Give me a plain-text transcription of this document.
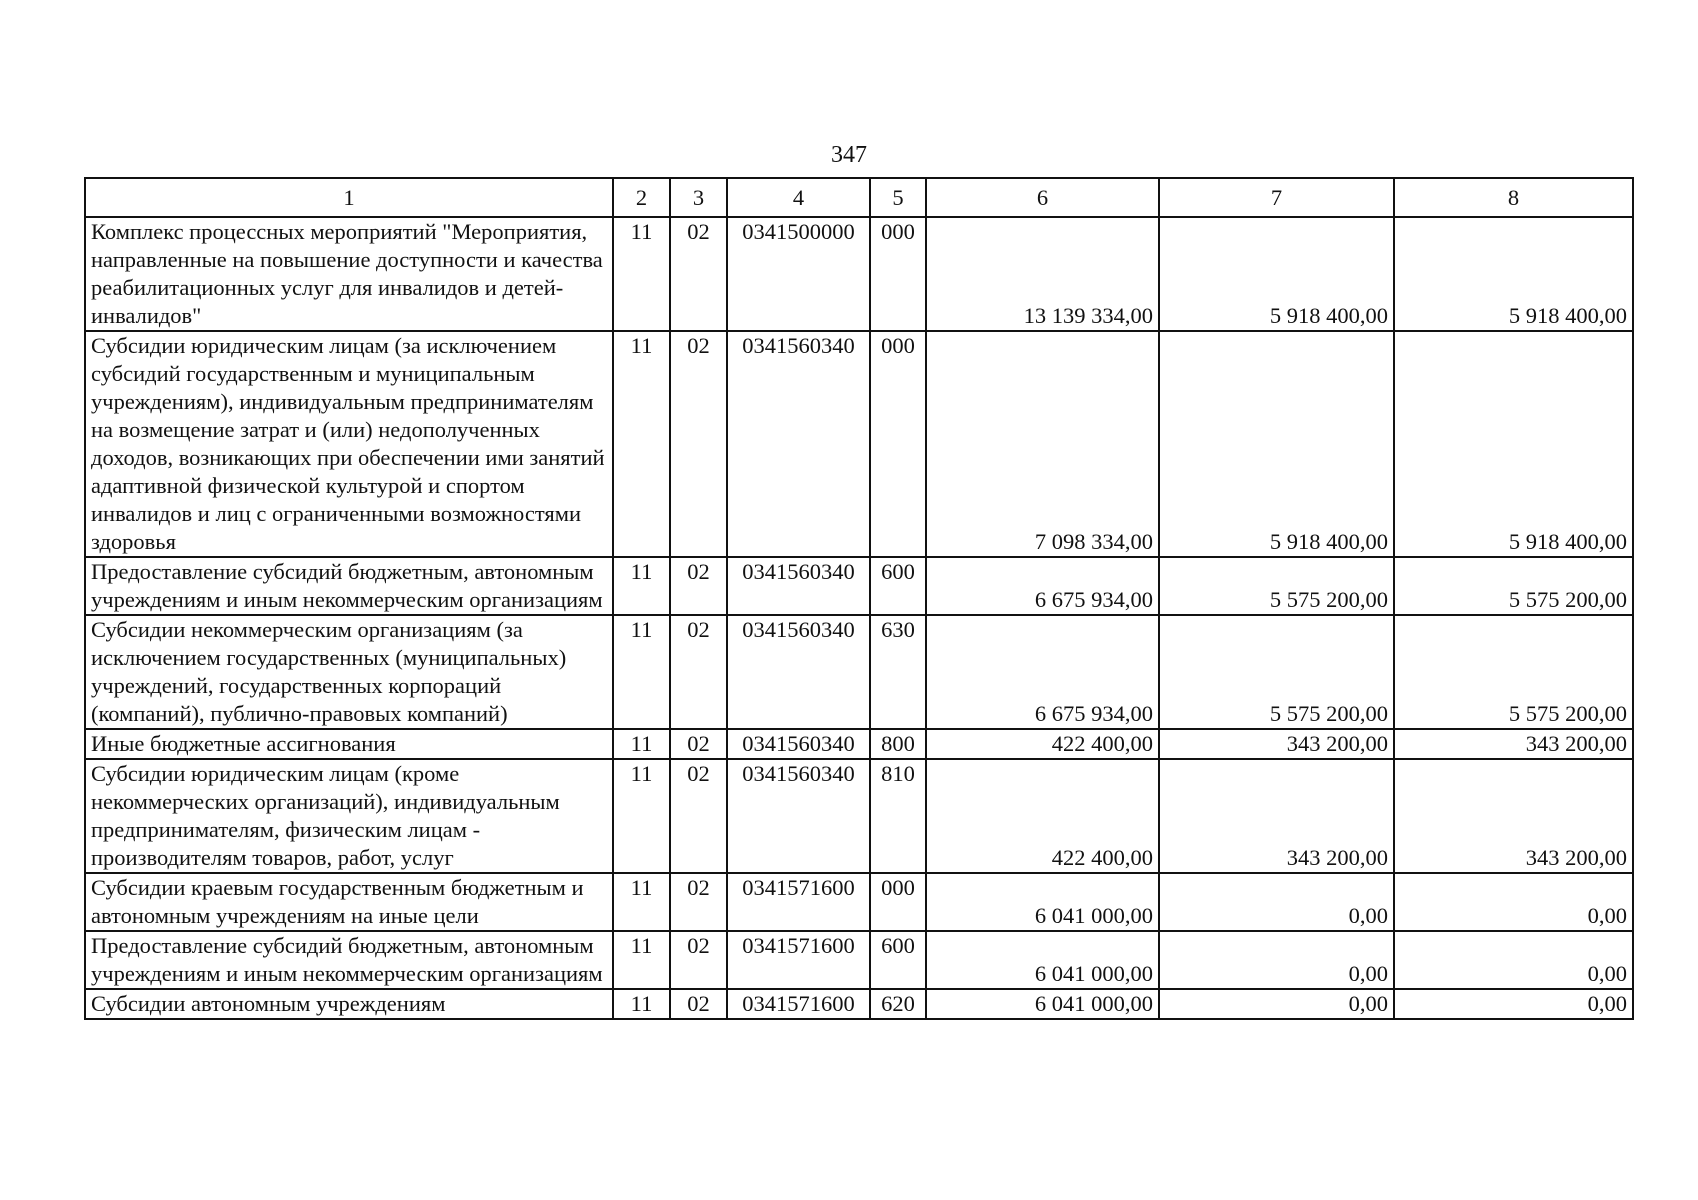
347
1	2	3	4	5	6	7	8
Комплекс процессных мероприятий "Мероприятия, направленные на повышение доступности и качества реабилитационных услуг для инвалидов и детей-инвалидов"	11	02	0341500000	000	13 139 334,00	5 918 400,00	5 918 400,00
Субсидии юридическим лицам (за исключением субсидий государственным и муниципальным учреждениям), индивидуальным предпринимателям на возмещение затрат и (или) недополученных доходов, возникающих при обеспечении ими занятий адаптивной физической культурой и спортом инвалидов и лиц с ограниченными возможностями здоровья	11	02	0341560340	000	7 098 334,00	5 918 400,00	5 918 400,00
Предоставление субсидий бюджетным, автономным учреждениям и иным некоммерческим организациям	11	02	0341560340	600	6 675 934,00	5 575 200,00	5 575 200,00
Субсидии некоммерческим организациям (за исключением государственных (муниципальных) учреждений, государственных корпораций (компаний), публично-правовых компаний)	11	02	0341560340	630	6 675 934,00	5 575 200,00	5 575 200,00
Иные бюджетные ассигнования	11	02	0341560340	800	422 400,00	343 200,00	343 200,00
Субсидии юридическим лицам (кроме некоммерческих организаций), индивидуальным предпринимателям, физическим лицам - производителям товаров, работ, услуг	11	02	0341560340	810	422 400,00	343 200,00	343 200,00
Субсидии краевым государственным бюджетным и автономным учреждениям на иные цели	11	02	0341571600	000	6 041 000,00	0,00	0,00
Предоставление субсидий бюджетным, автономным учреждениям и иным некоммерческим организациям	11	02	0341571600	600	6 041 000,00	0,00	0,00
Субсидии автономным учреждениям	11	02	0341571600	620	6 041 000,00	0,00	0,00
